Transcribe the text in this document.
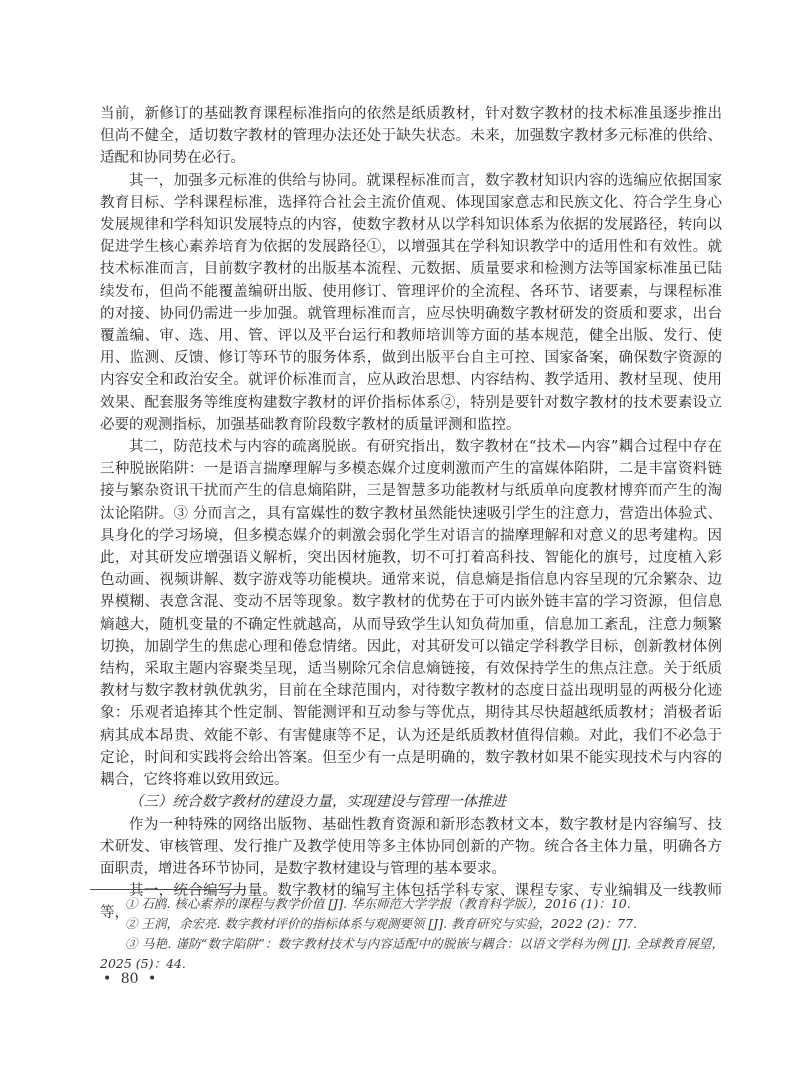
当前，新修订的基础教育课程标准指向的依然是纸质教材，针对数字教材的技术标准虽逐步推出但尚不健全，适切数字教材的管理办法还处于缺失状态。未来，加强数字教材多元标准的供给、适配和协同势在必行。

其一，加强多元标准的供给与协同。就课程标准而言，数字教材知识内容的选编应依据国家教育目标、学科课程标准，选择符合社会主流价值观、体现国家意志和民族文化、符合学生身心发展规律和学科知识发展特点的内容，使数字教材从以学科知识体系为依据的发展路径，转向以促进学生核心素养培育为依据的发展路径①，以增强其在学科知识教学中的适用性和有效性。就技术标准而言，目前数字教材的出版基本流程、元数据、质量要求和检测方法等国家标准虽已陆续发布，但尚不能覆盖编研出版、使用修订、管理评价的全流程、各环节、诸要素，与课程标准的对接、协同仍需进一步加强。就管理标准而言，应尽快明确数字教材研发的资质和要求，出台覆盖编、审、选、用、管、评以及平台运行和教师培训等方面的基本规范，健全出版、发行、使用、监测、反馈、修订等环节的服务体系，做到出版平台自主可控、国家备案，确保数字资源的内容安全和政治安全。就评价标准而言，应从政治思想、内容结构、教学适用、教材呈现、使用效果、配套服务等维度构建数字教材的评价指标体系②，特别是要针对数字教材的技术要素设立必要的观测指标，加强基础教育阶段数字教材的质量评测和监控。

其二，防范技术与内容的疏离脱嵌。有研究指出，数字教材在“技术—内容”耦合过程中存在三种脱嵌陷阱：一是语言揣摩理解与多模态媒介过度刺激而产生的富媒体陷阱，二是丰富资料链接与繁杂资讯干扰而产生的信息熵陷阱，三是智慧多功能教材与纸质单向度教材博弈而产生的淘汰论陷阱。③ 分而言之，具有富媒性的数字教材虽然能快速吸引学生的注意力，营造出体验式、具身化的学习场境，但多模态媒介的刺激会弱化学生对语言的揣摩理解和对意义的思考建构。因此，对其研发应增强语义解析，突出因材施教，切不可打着高科技、智能化的旗号，过度植入彩色动画、视频讲解、数字游戏等功能模块。通常来说，信息熵是指信息内容呈现的冗余繁杂、边界模糊、表意含混、变动不居等现象。数字教材的优势在于可内嵌外链丰富的学习资源，但信息熵越大，随机变量的不确定性就越高，从而导致学生认知负荷加重，信息加工紊乱，注意力频繁切换，加剧学生的焦虑心理和倦怠情绪。因此，对其研发可以锚定学科教学目标，创新教材体例结构，采取主题内容聚类呈现，适当剔除冗余信息熵链接，有效保持学生的焦点注意。关于纸质教材与数字教材孰优孰劣，目前在全球范围内，对待数字教材的态度日益出现明显的两极分化迹象：乐观者追捧其个性定制、智能测评和互动参与等优点，期待其尽快超越纸质教材；消极者诟病其成本昂贵、效能不彰、有害健康等不足，认为还是纸质教材值得信赖。对此，我们不必急于定论，时间和实践将会给出答案。但至少有一点是明确的，数字教材如果不能实现技术与内容的耦合，它终将难以致用致远。

（三）统合数字教材的建设力量，实现建设与管理一体推进

作为一种特殊的网络出版物、基础性教育资源和新形态教材文本，数字教材是内容编写、技术研发、审核管理、发行推广及教学使用等多主体协同创新的产物。统合各主体力量，明确各方面职责，增进各环节协同，是数字教材建设与管理的基本要求。

其一，统合编写力量。数字教材的编写主体包括学科专家、课程专家、专业编辑及一线教师等，

① 石鸥. 核心素养的课程与教学价值 [J]. 华东师范大学学报（教育科学版），2016 (1)：10.

② 王润，余宏亮. 数字教材评价的指标体系与观测要领 [J]. 教育研究与实验，2022 (2)：77.

③ 马艳. 谨防“数字陷阱”：数字教材技术与内容适配中的脱嵌与耦合：以语文学科为例 [J]. 全球教育展望，2025 (5)：44.

• 80 •
